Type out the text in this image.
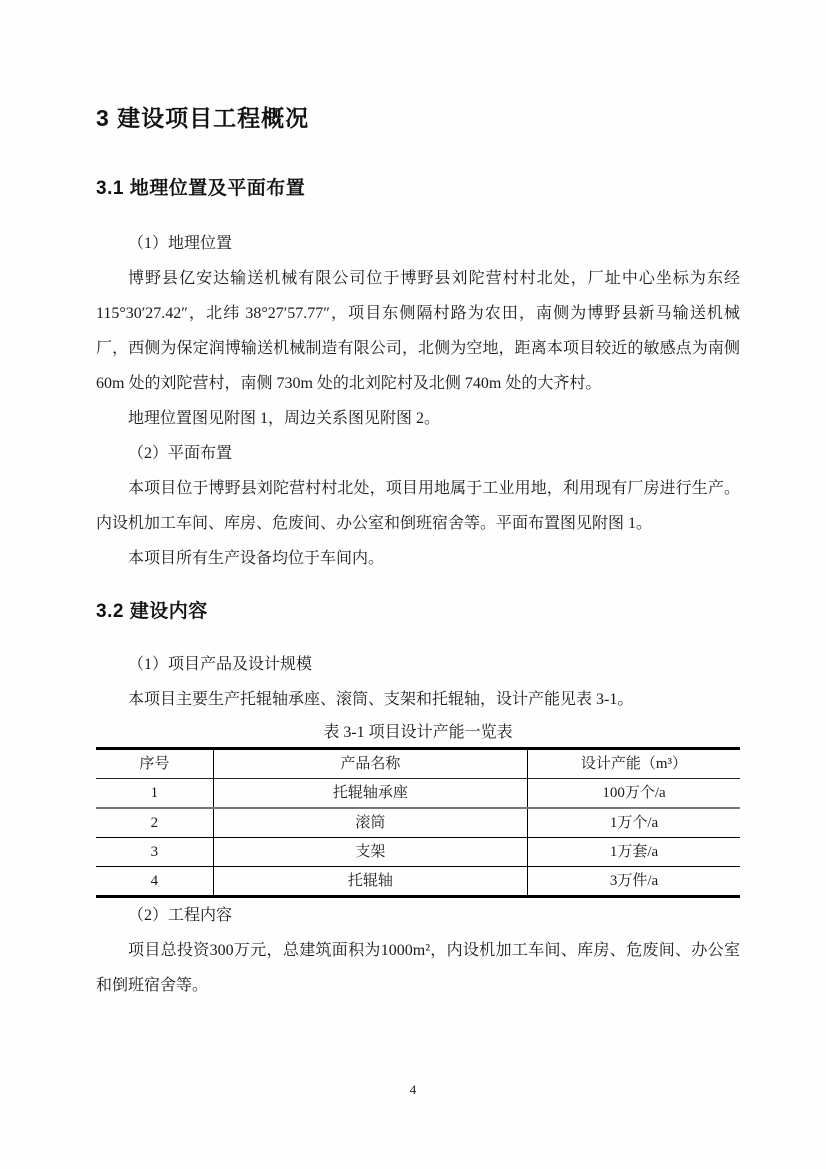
3 建设项目工程概况
3.1 地理位置及平面布置

（1）地理位置

博野县亿安达输送机械有限公司位于博野县刘陀营村村北处，厂址中心坐标为东经115°30′27.42″，北纬 38°27′57.77″，项目东侧隔村路为农田，南侧为博野县新马输送机械厂，西侧为保定润博输送机械制造有限公司，北侧为空地，距离本项目较近的敏感点为南侧 60m 处的刘陀营村，南侧 730m 处的北刘陀村及北侧 740m 处的大齐村。

地理位置图见附图 1，周边关系图见附图 2。

（2）平面布置

本项目位于博野县刘陀营村村北处，项目用地属于工业用地，利用现有厂房进行生产。内设机加工车间、库房、危废间、办公室和倒班宿舍等。平面布置图见附图 1。

本项目所有生产设备均位于车间内。

3.2 建设内容

（1）项目产品及设计规模

本项目主要生产托辊轴承座、滚筒、支架和托辊轴，设计产能见表 3-1。

表 3-1 项目设计产能一览表
序号	产品名称	设计产能（m³）
1	托辊轴承座	100万个/a
2	滚筒	1万个/a
3	支架	1万套/a
4	托辊轴	3万件/a

（2）工程内容

项目总投资300万元，总建筑面积为1000m²，内设机加工车间、库房、危废间、办公室和倒班宿舍等。

4
